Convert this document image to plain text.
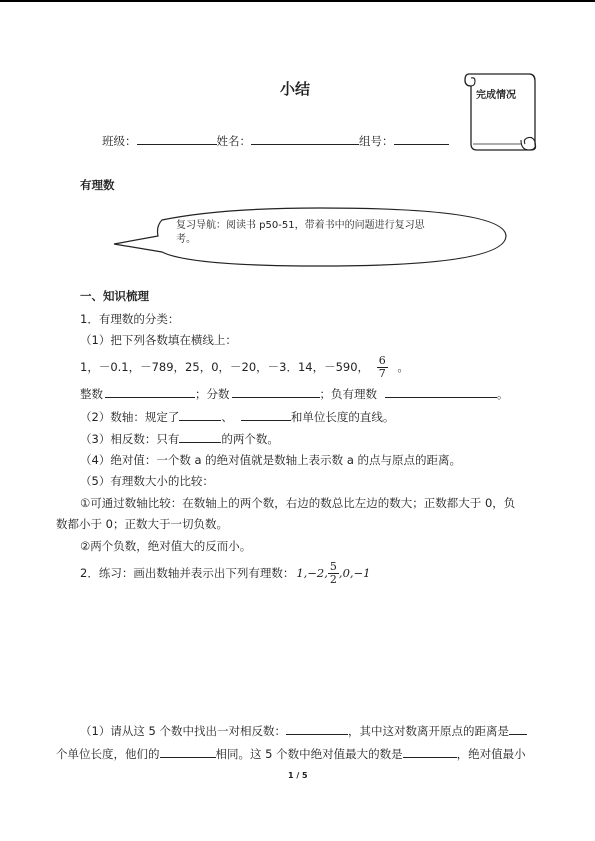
小结	完成情况
班级：	姓名：	组号：
有理数
复习导航：阅读书 p50-51，带着书中的问题进行复习思
考。
一、知识梳理
1．有理数的分类：
（1）把下列各数填在横线上：
1，－0.1，－789，25，0，－20，－3．14，－590， $\frac{6}{7}$ 。
整数	；分数	；负有理数	。
（2）数轴：规定了	、	和单位长度的直线。
（3）相反数：只有	的两个数。
（4）绝对值：一个数 a 的绝对值就是数轴上表示数 a 的点与原点的距离。
（5）有理数大小的比较：
①可通过数轴比较：在数轴上的两个数，右边的数总比左边的数大；正数都大于 0，负
数都小于 0；正数大于一切负数。
②两个负数，绝对值大的反而小。
2．练习：画出数轴并表示出下列有理数： 1,−2, $\frac{5}{2} ,0,-1$
（1）请从这 5 个数中找出一对相反数：	，其中这对数离开原点的距离是
个单位长度，他们的	相同。这 5 个数中绝对值最大的数是	，绝对值最小
1 / 5
